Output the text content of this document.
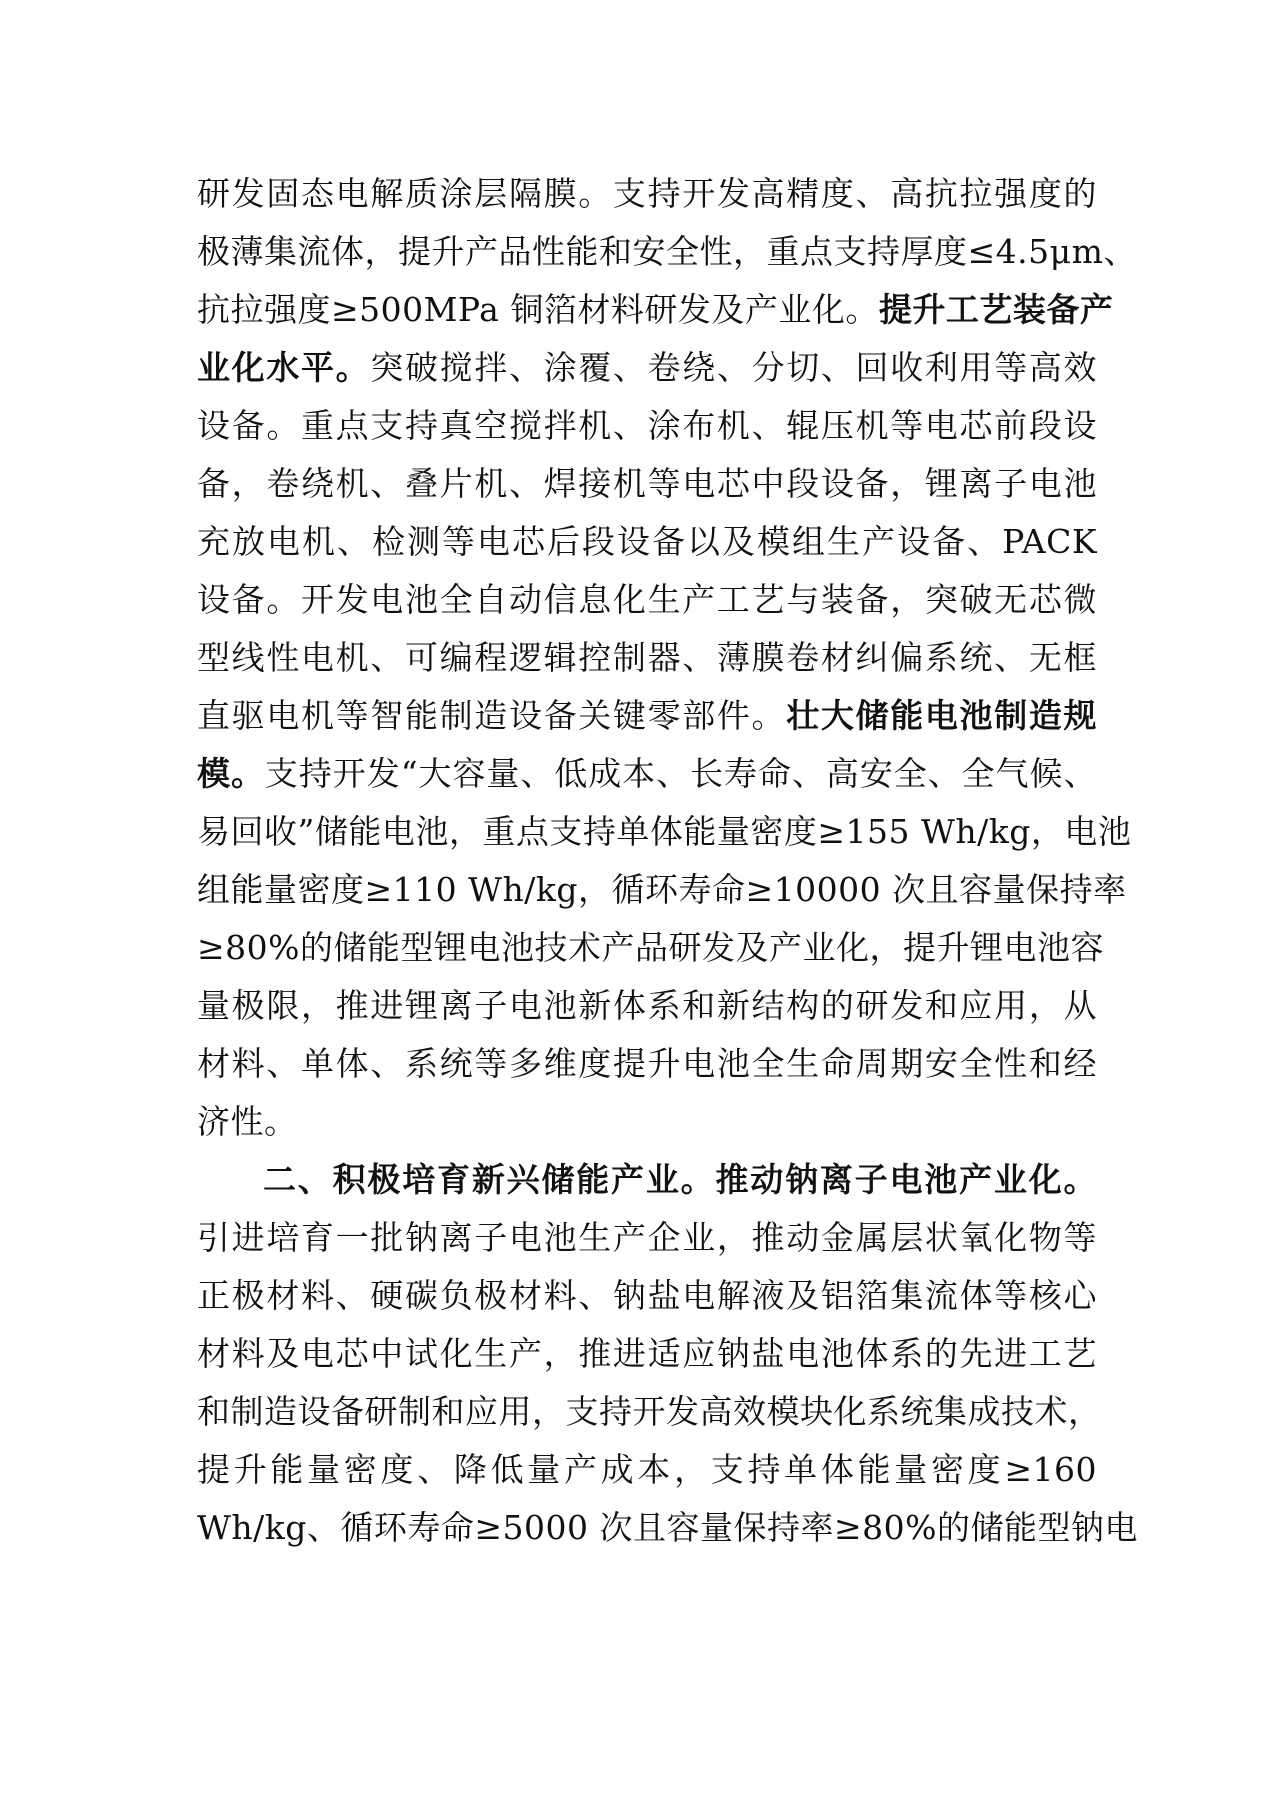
研发固态电解质涂层隔膜。支持开发高精度、高抗拉强度的
极薄集流体，提升产品性能和安全性，重点支持厚度≤4.5μm、
抗拉强度≥500MPa 铜箔材料研发及产业化。提升工艺装备产
业化水平。突破搅拌、涂覆、卷绕、分切、回收利用等高效
设备。重点支持真空搅拌机、涂布机、辊压机等电芯前段设
备，卷绕机、叠片机、焊接机等电芯中段设备，锂离子电池
充放电机、检测等电芯后段设备以及模组生产设备、PACK
设备。开发电池全自动信息化生产工艺与装备，突破无芯微
型线性电机、可编程逻辑控制器、薄膜卷材纠偏系统、无框
直驱电机等智能制造设备关键零部件。壮大储能电池制造规
模。支持开发“大容量、低成本、长寿命、高安全、全气候、
易回收”储能电池，重点支持单体能量密度≥155 Wh/kg，电池
组能量密度≥110 Wh/kg，循环寿命≥10000 次且容量保持率
≥80%的储能型锂电池技术产品研发及产业化，提升锂电池容
量极限，推进锂离子电池新体系和新结构的研发和应用，从
材料、单体、系统等多维度提升电池全生命周期安全性和经
济性。
二、积极培育新兴储能产业。推动钠离子电池产业化。
引进培育一批钠离子电池生产企业，推动金属层状氧化物等
正极材料、硬碳负极材料、钠盐电解液及铝箔集流体等核心
材料及电芯中试化生产，推进适应钠盐电池体系的先进工艺
和制造设备研制和应用，支持开发高效模块化系统集成技术，
提升能量密度、降低量产成本，支持单体能量密度≥160
Wh/kg、循环寿命≥5000 次且容量保持率≥80%的储能型钠电
